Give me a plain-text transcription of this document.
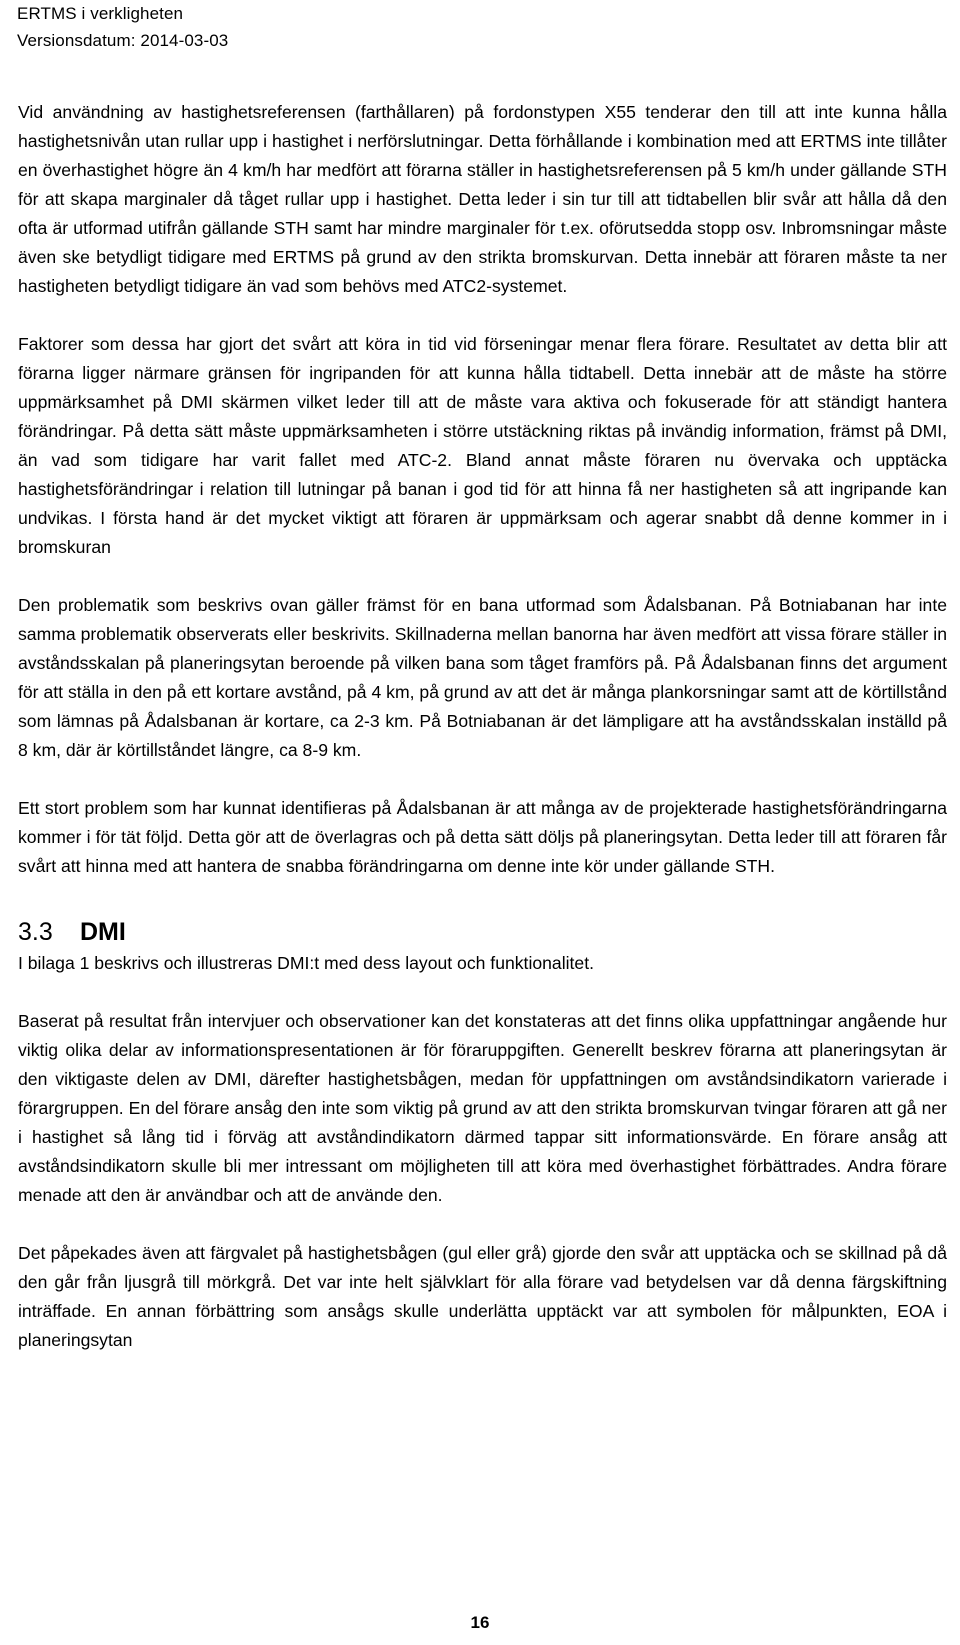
ERTMS i verkligheten
Versionsdatum: 2014-03-03

Vid användning av hastighetsreferensen (farthållaren) på fordonstypen X55 tenderar den till att inte kunna hålla hastighetsnivån utan rullar upp i hastighet i nerförslutningar. Detta förhållande i kombination med att ERTMS inte tillåter en överhastighet högre än 4 km/h har medfört att förarna ställer in hastighetsreferensen på 5 km/h under gällande STH för att skapa marginaler då tåget rullar upp i hastighet. Detta leder i sin tur till att tidtabellen blir svår att hålla då den ofta är utformad utifrån gällande STH samt har mindre marginaler för t.ex. oförutsedda stopp osv. Inbromsningar måste även ske betydligt tidigare med ERTMS på grund av den strikta bromskurvan. Detta innebär att föraren måste ta ner hastigheten betydligt tidigare än vad som behövs med ATC2-systemet.

Faktorer som dessa har gjort det svårt att köra in tid vid förseningar menar flera förare. Resultatet av detta blir att förarna ligger närmare gränsen för ingripanden för att kunna hålla tidtabell. Detta innebär att de måste ha större uppmärksamhet på DMI skärmen vilket leder till att de måste vara aktiva och fokuserade för att ständigt hantera förändringar. På detta sätt måste uppmärksamheten i större utstäckning riktas på invändig information, främst på DMI, än vad som tidigare har varit fallet med ATC-2. Bland annat måste föraren nu övervaka och upptäcka hastighetsförändringar i relation till lutningar på banan i god tid för att hinna få ner hastigheten så att ingripande kan undvikas. I första hand är det mycket viktigt att föraren är uppmärksam och agerar snabbt då denne kommer in i bromskuran

Den problematik som beskrivs ovan gäller främst för en bana utformad som Ådalsbanan. På Botniabanan har inte samma problematik observerats eller beskrivits. Skillnaderna mellan banorna har även medfört att vissa förare ställer in avståndsskalan på planeringsytan beroende på vilken bana som tåget framförs på. På Ådalsbanan finns det argument för att ställa in den på ett kortare avstånd, på 4 km, på grund av att det är många plankorsningar samt att de körtillstånd som lämnas på Ådalsbanan är kortare, ca 2-3 km. På Botniabanan är det lämpligare att ha avståndsskalan inställd på 8 km, där är körtillståndet längre, ca 8-9 km.

Ett stort problem som har kunnat identifieras på Ådalsbanan är att många av de projekterade hastighetsförändringarna kommer i för tät följd. Detta gör att de överlagras och på detta sätt döljs på planeringsytan. Detta leder till att föraren får svårt att hinna med att hantera de snabba förändringarna om denne inte kör under gällande STH.

3.3 DMI

I bilaga 1 beskrivs och illustreras DMI:t med dess layout och funktionalitet.

Baserat på resultat från intervjuer och observationer kan det konstateras att det finns olika uppfattningar angående hur viktig olika delar av informationspresentationen är för föraruppgiften. Generellt beskrev förarna att planeringsytan är den viktigaste delen av DMI, därefter hastighetsbågen, medan för uppfattningen om avståndsindikatorn varierade i förargruppen. En del förare ansåg den inte som viktig på grund av att den strikta bromskurvan tvingar föraren att gå ner i hastighet så lång tid i förväg att avståndindikatorn därmed tappar sitt informationsvärde. En förare ansåg att avståndsindikatorn skulle bli mer intressant om möjligheten till att köra med överhastighet förbättrades. Andra förare menade att den är användbar och att de använde den.

Det påpekades även att färgvalet på hastighetsbågen (gul eller grå) gjorde den svår att upptäcka och se skillnad på då den går från ljusgrå till mörkgrå. Det var inte helt självklart för alla förare vad betydelsen var då denna färgskiftning inträffade. En annan förbättring som ansågs skulle underlätta upptäckt var att symbolen för målpunkten, EOA i planeringsytan

16
